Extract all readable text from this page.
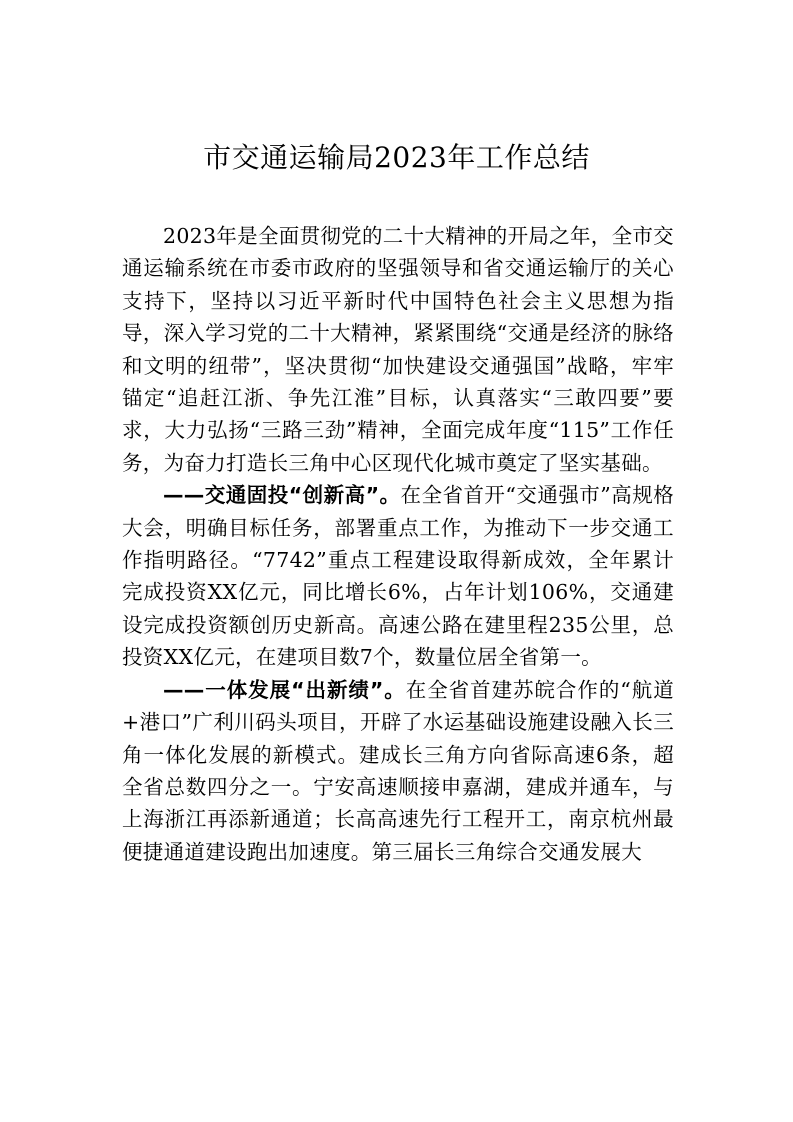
市交通运输局2023年工作总结

2023年是全面贯彻党的二十大精神的开局之年，全市交通运输系统在市委市政府的坚强领导和省交通运输厅的关心支持下，坚持以习近平新时代中国特色社会主义思想为指导，深入学习党的二十大精神，紧紧围绕“交通是经济的脉络和文明的纽带”，坚决贯彻“加快建设交通强国”战略，牢牢锚定“追赶江浙、争先江淮”目标，认真落实“三敢四要”要求，大力弘扬“三路三劲”精神，全面完成年度“115”工作任务，为奋力打造长三角中心区现代化城市奠定了坚实基础。

——交通固投“创新高”。在全省首开“交通强市”高规格大会，明确目标任务，部署重点工作，为推动下一步交通工作指明路径。“7742”重点工程建设取得新成效，全年累计完成投资XX亿元，同比增长6%，占年计划106%，交通建设完成投资额创历史新高。高速公路在建里程235公里，总投资XX亿元，在建项目数7个，数量位居全省第一。

——一体发展“出新绩”。在全省首建苏皖合作的“航道+港口”广利川码头项目，开辟了水运基础设施建设融入长三角一体化发展的新模式。建成长三角方向省际高速6条，超全省总数四分之一。宁安高速顺接申嘉湖，建成并通车，与上海浙江再添新通道；长高高速先行工程开工，南京杭州最便捷通道建设跑出加速度。第三届长三角综合交通发展大
